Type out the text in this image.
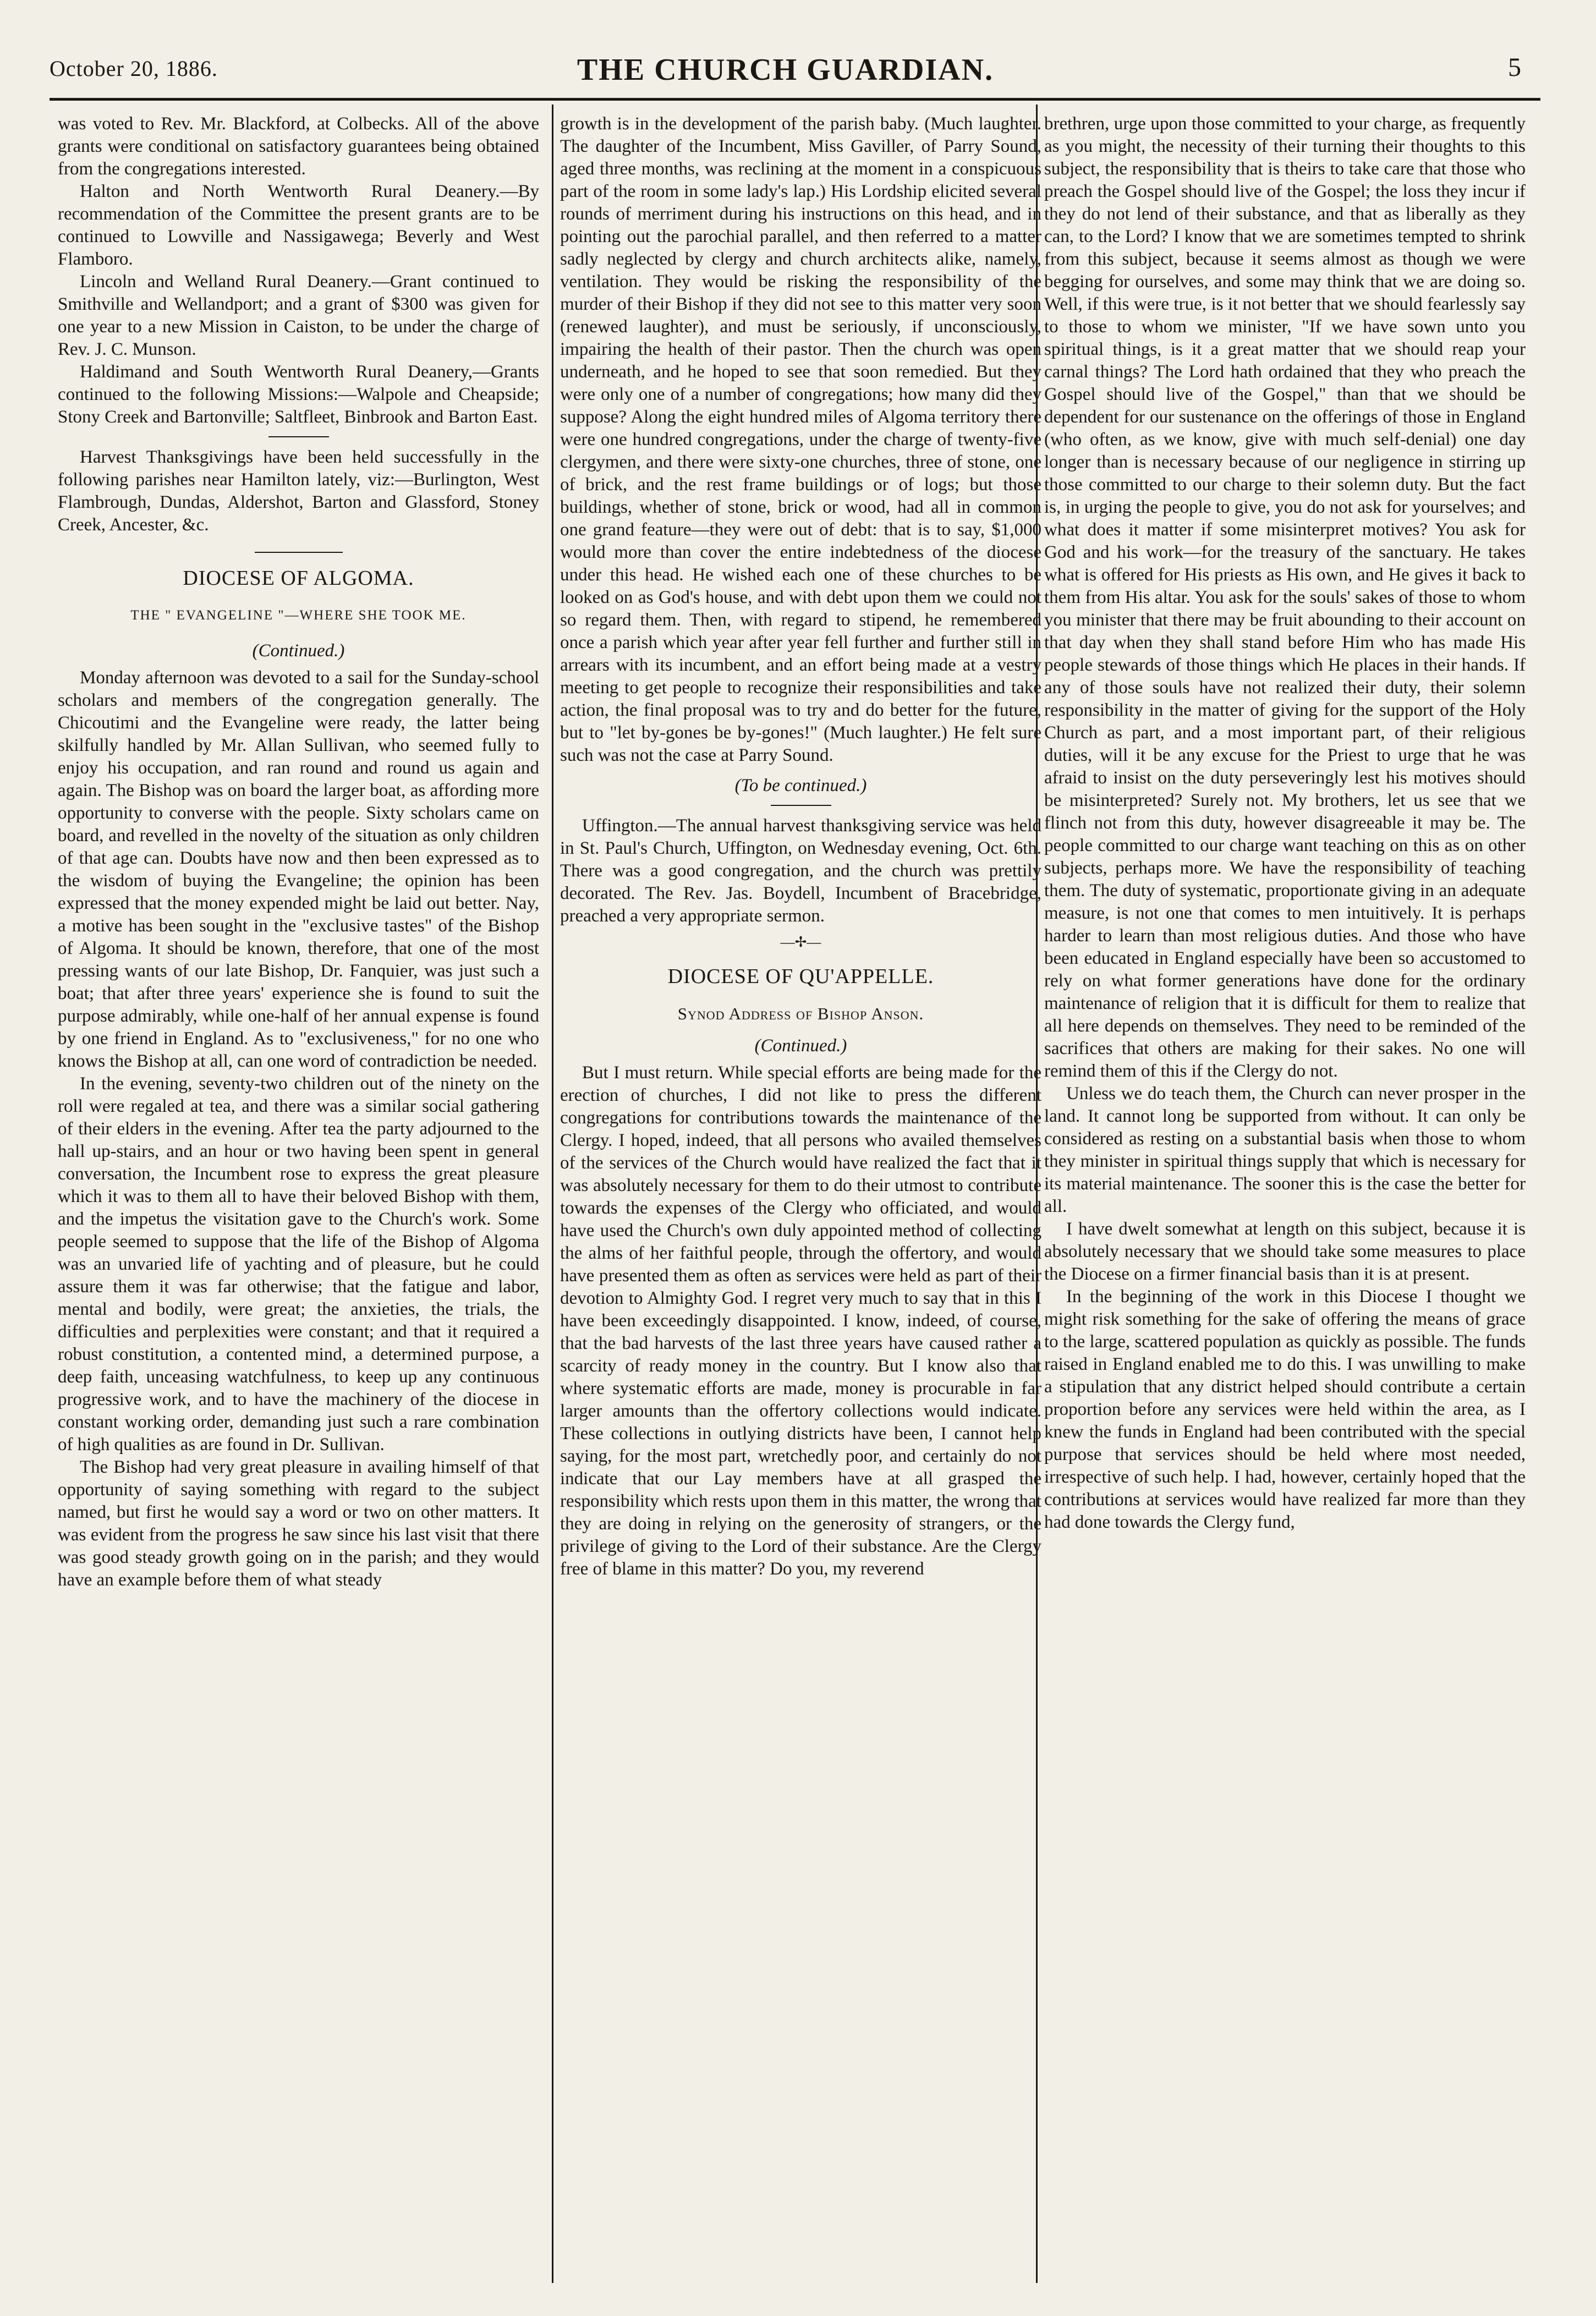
October 20, 1886.	THE CHURCH GUARDIAN.	5

was voted to Rev. Mr. Blackford, at Colbecks. All of the above grants were conditional on satisfactory guarantees being obtained from the congregations interested.

Halton and North Wentworth Rural Deanery.—By recommendation of the Committee the present grants are to be continued to Lowville and Nassigawega; Beverly and West Flamboro.

Lincoln and Welland Rural Deanery.—Grant continued to Smithville and Wellandport; and a grant of $300 was given for one year to a new Mission in Caiston, to be under the charge of Rev. J. C. Munson.

Haldimand and South Wentworth Rural Deanery,—Grants continued to the following Missions:—Walpole and Cheapside; Stony Creek and Bartonville; Saltfleet, Binbrook and Barton East.

Harvest Thanksgivings have been held successfully in the following parishes near Hamilton lately, viz:—Burlington, West Flambrough, Dundas, Aldershot, Barton and Glassford, Stoney Creek, Ancester, &c.

DIOCESE OF ALGOMA.
THE " EVANGELINE "—WHERE SHE TOOK ME.
(Continued.)

Monday afternoon was devoted to a sail for the Sunday-school scholars and members of the congregation generally. The Chicoutimi and the Evangeline were ready, the latter being skilfully handled by Mr. Allan Sullivan, who seemed fully to enjoy his occupation, and ran round and round us again and again. The Bishop was on board the larger boat, as affording more opportunity to converse with the people. Sixty scholars came on board, and revelled in the novelty of the situation as only children of that age can. Doubts have now and then been expressed as to the wisdom of buying the Evangeline; the opinion has been expressed that the money expended might be laid out better. Nay, a motive has been sought in the "exclusive tastes" of the Bishop of Algoma. It should be known, therefore, that one of the most pressing wants of our late Bishop, Dr. Fanquier, was just such a boat; that after three years' experience she is found to suit the purpose admirably, while one-half of her annual expense is found by one friend in England. As to "exclusiveness," for no one who knows the Bishop at all, can one word of contradiction be needed.

In the evening, seventy-two children out of the ninety on the roll were regaled at tea, and there was a similar social gathering of their elders in the evening. After tea the party adjourned to the hall up-stairs, and an hour or two having been spent in general conversation, the Incumbent rose to express the great pleasure which it was to them all to have their beloved Bishop with them, and the impetus the visitation gave to the Church's work. Some people seemed to suppose that the life of the Bishop of Algoma was an unvaried life of yachting and of pleasure, but he could assure them it was far otherwise; that the fatigue and labor, mental and bodily, were great; the anxieties, the trials, the difficulties and perplexities were constant; and that it required a robust constitution, a contented mind, a determined purpose, a deep faith, unceasing watchfulness, to keep up any continuous progressive work, and to have the machinery of the diocese in constant working order, demanding just such a rare combination of high qualities as are found in Dr. Sullivan.

The Bishop had very great pleasure in availing himself of that opportunity of saying something with regard to the subject named, but first he would say a word or two on other matters. It was evident from the progress he saw since his last visit that there was good steady growth going on in the parish; and they would have an example before them of what steady

growth is in the development of the parish baby. (Much laughter. The daughter of the Incumbent, Miss Gaviller, of Parry Sound, aged three months, was reclining at the moment in a conspicuous part of the room in some lady's lap.) His Lordship elicited several rounds of merriment during his instructions on this head, and in pointing out the parochial parallel, and then referred to a matter sadly neglected by clergy and church architects alike, namely, ventilation. They would be risking the responsibility of the murder of their Bishop if they did not see to this matter very soon (renewed laughter), and must be seriously, if unconsciously, impairing the health of their pastor. Then the church was open underneath, and he hoped to see that soon remedied. But they were only one of a number of congregations; how many did they suppose? Along the eight hundred miles of Algoma territory there were one hundred congregations, under the charge of twenty-five clergymen, and there were sixty-one churches, three of stone, one of brick, and the rest frame buildings or of logs; but those buildings, whether of stone, brick or wood, had all in common one grand feature—they were out of debt: that is to say, $1,000 would more than cover the entire indebtedness of the diocese under this head. He wished each one of these churches to be looked on as God's house, and with debt upon them we could not so regard them. Then, with regard to stipend, he remembered once a parish which year after year fell further and further still in arrears with its incumbent, and an effort being made at a vestry meeting to get people to recognize their responsibilities and take action, the final proposal was to try and do better for the future, but to "let by-gones be by-gones!" (Much laughter.) He felt sure such was not the case at Parry Sound.

(To be continued.)

Uffington.—The annual harvest thanksgiving service was held in St. Paul's Church, Uffington, on Wednesday evening, Oct. 6th. There was a good congregation, and the church was prettily decorated. The Rev. Jas. Boydell, Incumbent of Bracebridge, preached a very appropriate sermon.

—✢—
DIOCESE OF QU'APPELLE.
Synod Address of Bishop Anson.
(Continued.)

But I must return. While special efforts are being made for the erection of churches, I did not like to press the different congregations for contributions towards the maintenance of the Clergy. I hoped, indeed, that all persons who availed themselves of the services of the Church would have realized the fact that it was absolutely necessary for them to do their utmost to contribute towards the expenses of the Clergy who officiated, and would have used the Church's own duly appointed method of collecting the alms of her faithful people, through the offertory, and would have presented them as often as services were held as part of their devotion to Almighty God. I regret very much to say that in this I have been exceedingly disappointed. I know, indeed, of course, that the bad harvests of the last three years have caused rather a scarcity of ready money in the country. But I know also that where systematic efforts are made, money is procurable in far larger amounts than the offertory collections would indicate. These collections in outlying districts have been, I cannot help saying, for the most part, wretchedly poor, and certainly do not indicate that our Lay members have at all grasped the responsibility which rests upon them in this matter, the wrong that they are doing in relying on the generosity of strangers, or the privilege of giving to the Lord of their substance. Are the Clergy free of blame in this matter? Do you, my reverend

brethren, urge upon those committed to your charge, as frequently as you might, the necessity of their turning their thoughts to this subject, the responsibility that is theirs to take care that those who preach the Gospel should live of the Gospel; the loss they incur if they do not lend of their substance, and that as liberally as they can, to the Lord? I know that we are sometimes tempted to shrink from this subject, because it seems almost as though we were begging for ourselves, and some may think that we are doing so. Well, if this were true, is it not better that we should fearlessly say to those to whom we minister, "If we have sown unto you spiritual things, is it a great matter that we should reap your carnal things? The Lord hath ordained that they who preach the Gospel should live of the Gospel," than that we should be dependent for our sustenance on the offerings of those in England (who often, as we know, give with much self-denial) one day longer than is necessary because of our negligence in stirring up those committed to our charge to their solemn duty. But the fact is, in urging the people to give, you do not ask for yourselves; and what does it matter if some misinterpret motives? You ask for God and his work—for the treasury of the sanctuary. He takes what is offered for His priests as His own, and He gives it back to them from His altar. You ask for the souls' sakes of those to whom you minister that there may be fruit abounding to their account on that day when they shall stand before Him who has made His people stewards of those things which He places in their hands. If any of those souls have not realized their duty, their solemn responsibility in the matter of giving for the support of the Holy Church as part, and a most important part, of their religious duties, will it be any excuse for the Priest to urge that he was afraid to insist on the duty perseveringly lest his motives should be misinterpreted? Surely not. My brothers, let us see that we flinch not from this duty, however disagreeable it may be. The people committed to our charge want teaching on this as on other subjects, perhaps more. We have the responsibility of teaching them. The duty of systematic, proportionate giving in an adequate measure, is not one that comes to men intuitively. It is perhaps harder to learn than most religious duties. And those who have been educated in England especially have been so accustomed to rely on what former generations have done for the ordinary maintenance of religion that it is difficult for them to realize that all here depends on themselves. They need to be reminded of the sacrifices that others are making for their sakes. No one will remind them of this if the Clergy do not.

Unless we do teach them, the Church can never prosper in the land. It cannot long be supported from without. It can only be considered as resting on a substantial basis when those to whom they minister in spiritual things supply that which is necessary for its material maintenance. The sooner this is the case the better for all.

I have dwelt somewhat at length on this subject, because it is absolutely necessary that we should take some measures to place the Diocese on a firmer financial basis than it is at present.

In the beginning of the work in this Diocese I thought we might risk something for the sake of offering the means of grace to the large, scattered population as quickly as possible. The funds raised in England enabled me to do this. I was unwilling to make a stipulation that any district helped should contribute a certain proportion before any services were held within the area, as I knew the funds in England had been contributed with the special purpose that services should be held where most needed, irrespective of such help. I had, however, certainly hoped that the contributions at services would have realized far more than they had done towards the Clergy fund,
